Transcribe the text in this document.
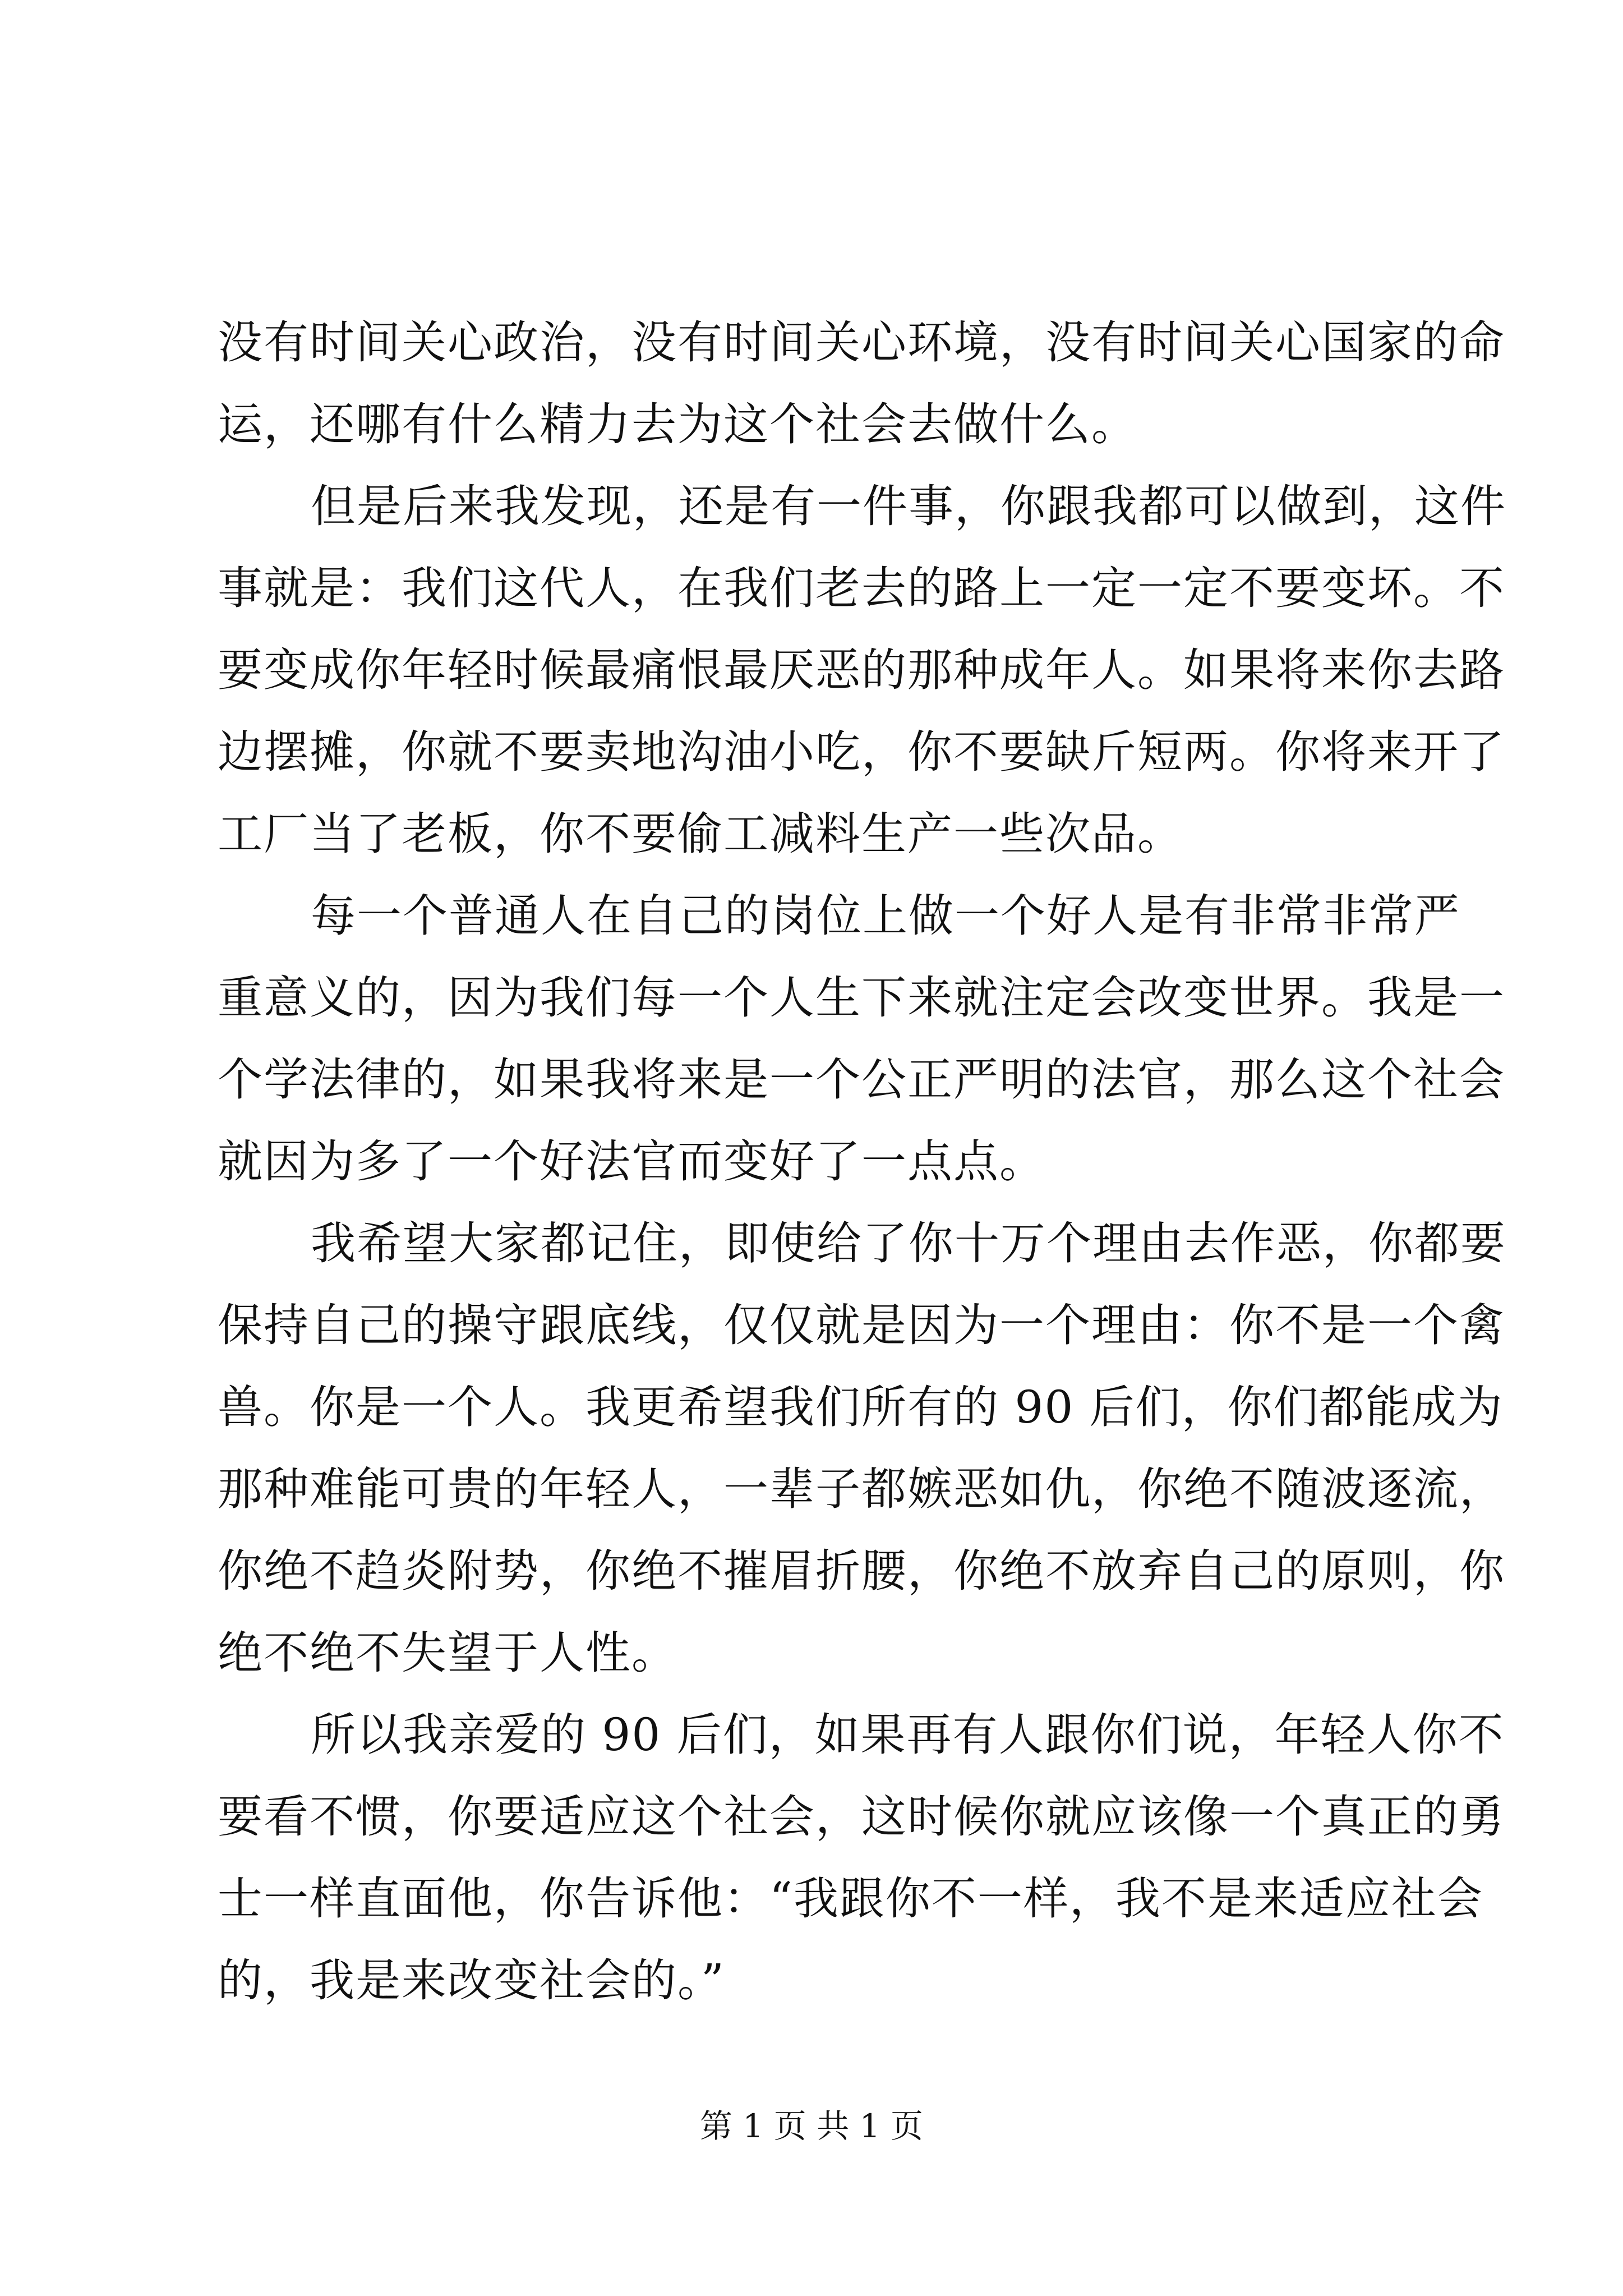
没有时间关心政治，没有时间关心环境，没有时间关心国家的命
运，还哪有什么精力去为这个社会去做什么。
但是后来我发现，还是有一件事，你跟我都可以做到，这件
事就是：我们这代人，在我们老去的路上一定一定不要变坏。不
要变成你年轻时候最痛恨最厌恶的那种成年人。如果将来你去路
边摆摊，你就不要卖地沟油小吃，你不要缺斤短两。你将来开了
工厂当了老板，你不要偷工减料生产一些次品。
每一个普通人在自己的岗位上做一个好人是有非常非常严
重意义的，因为我们每一个人生下来就注定会改变世界。我是一
个学法律的，如果我将来是一个公正严明的法官，那么这个社会
就因为多了一个好法官而变好了一点点。
我希望大家都记住，即使给了你十万个理由去作恶，你都要
保持自己的操守跟底线，仅仅就是因为一个理由：你不是一个禽
兽。你是一个人。我更希望我们所有的 90 后们，你们都能成为
那种难能可贵的年轻人，一辈子都嫉恶如仇，你绝不随波逐流，
你绝不趋炎附势，你绝不摧眉折腰，你绝不放弃自己的原则，你
绝不绝不失望于人性。
所以我亲爱的 90 后们，如果再有人跟你们说，年轻人你不
要看不惯，你要适应这个社会，这时候你就应该像一个真正的勇
士一样直面他，你告诉他：“我跟你不一样，我不是来适应社会
的，我是来改变社会的。”
第 1 页 共 1 页
